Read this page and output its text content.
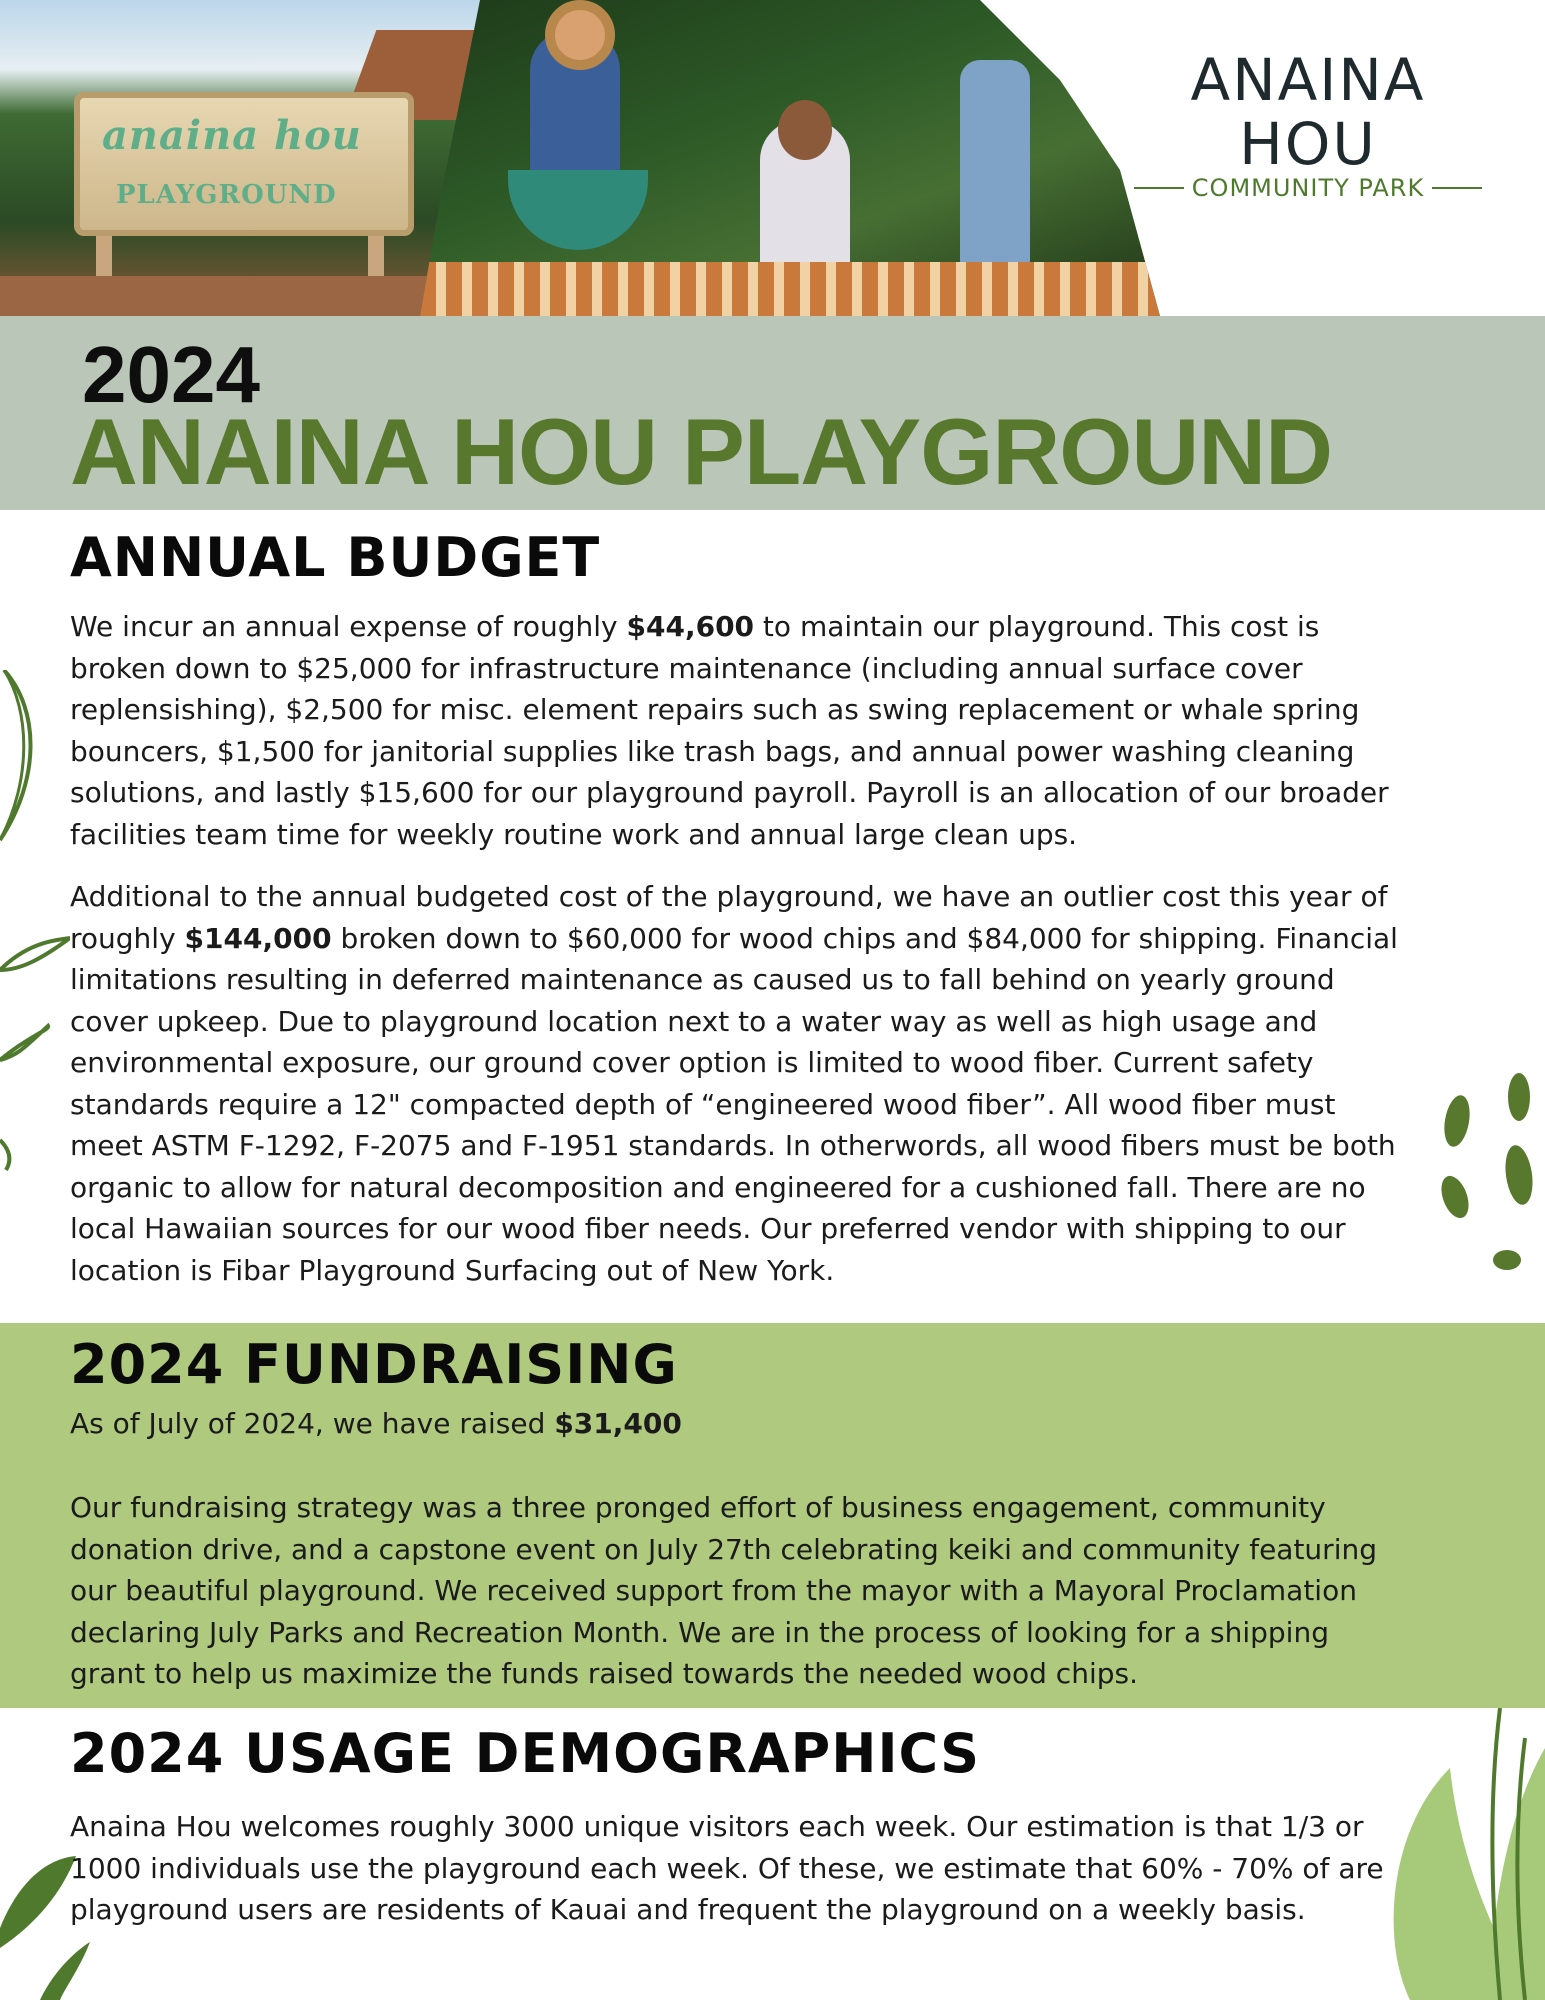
anaina hou
PLAYGROUND
ANAINA HOU
COMMUNITY PARK
2024
ANAINA HOU PLAYGROUND
ANNUAL BUDGET

We incur an annual expense of roughly $44,600 to maintain our playground. This cost is broken down to $25,000 for infrastructure maintenance (including annual surface cover replensishing), $2,500 for misc. element repairs such as swing replacement or whale spring bouncers, $1,500 for janitorial supplies like trash bags, and annual power washing cleaning solutions, and lastly $15,600 for our playground payroll. Payroll is an allocation of our broader facilities team time for weekly routine work and annual large clean ups.

Additional to the annual budgeted cost of the playground, we have an outlier cost this year of roughly $144,000 broken down to $60,000 for wood chips and $84,000 for shipping. Financial limitations resulting in deferred maintenance as caused us to fall behind on yearly ground cover upkeep. Due to playground location next to a water way as well as high usage and environmental exposure, our ground cover option is limited to wood fiber. Current safety standards require a 12" compacted depth of “engineered wood fiber”. All wood fiber must meet ASTM F-1292, F-2075 and F-1951 standards. In otherwords, all wood fibers must be both organic to allow for natural decomposition and engineered for a cushioned fall. There are no local Hawaiian sources for our wood fiber needs. Our preferred vendor with shipping to our location is Fibar Playground Surfacing out of New York.

2024 FUNDRAISING

As of July of 2024, we have raised $31,400

Our fundraising strategy was a three pronged effort of business engagement, community donation drive, and a capstone event on July 27th celebrating keiki and community featuring our beautiful playground. We received support from the mayor with a Mayoral Proclamation declaring July Parks and Recreation Month. We are in the process of looking for a shipping grant to help us maximize the funds raised towards the needed wood chips.

2024 USAGE DEMOGRAPHICS

Anaina Hou welcomes roughly 3000 unique visitors each week. Our estimation is that 1/3 or 1000 individuals use the playground each week. Of these, we estimate that 60% - 70% of are playground users are residents of Kauai and frequent the playground on a weekly basis.
